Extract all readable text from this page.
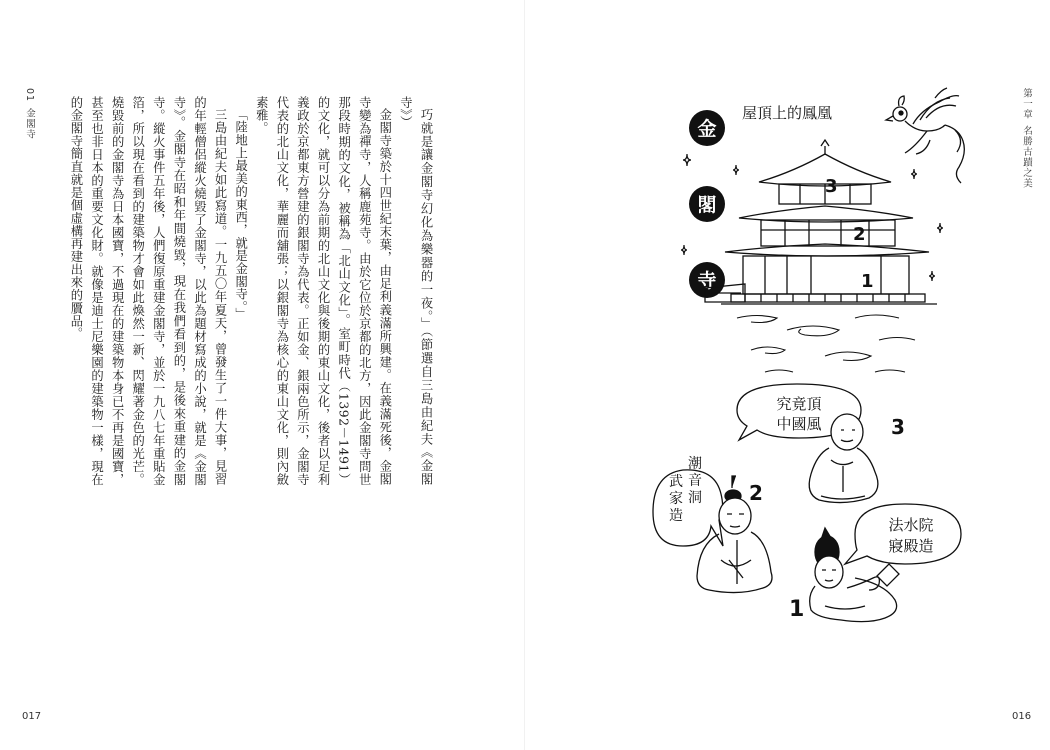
01金閣寺	巧就是讓金閣寺幻化為樂器的一夜。」（節選自三島由紀夫《金閣寺》）

金閣寺築於十四世紀末葉，由足利義滿所興建。在義滿死後，金閣寺變為禪寺，人稱鹿苑寺。由於它位於京都的北方，因此金閣寺問世那段時期的文化，被稱為「北山文化」。室町時代（1392－1491）的文化，就可以分為前期的北山文化與後期的東山文化，後者以足利義政於京都東方營建的銀閣寺為代表。正如金、銀兩色所示，金閣寺代表的北山文化，華麗而舖張；以銀閣寺為核心的東山文化，則內斂素雅。

「陸地上最美的東西，就是金閣寺。」

三島由紀夫如此寫道。一九五〇年夏天，曾發生了一件大事，見習的年輕僧侶縱火燒毀了金閣寺，以此為題材寫成的小說，就是《金閣寺》。金閣寺在昭和年間燒毀，現在我們看到的，是後來重建的金閣寺。縱火事件五年後，人們復原重建金閣寺，並於一九八七年重貼金箔，所以現在看到的建築物才會如此煥然一新、閃耀著金色的光芒。燒毀前的金閣寺為日本國寶，不過現在的建築物本身已不再是國寶，甚至也非日本的重要文化財。就像是迪士尼樂園的建築物一樣，現在的金閣寺簡直就是個虛構再建出來的贗品。

017
金
閣
寺
屋頂上的鳳凰
3
2
1
究竟頂
中國風
潮
音
洞
武
家
造	法水院
寢殿造
3
2
1
第一章名勝古蹟之美
016
